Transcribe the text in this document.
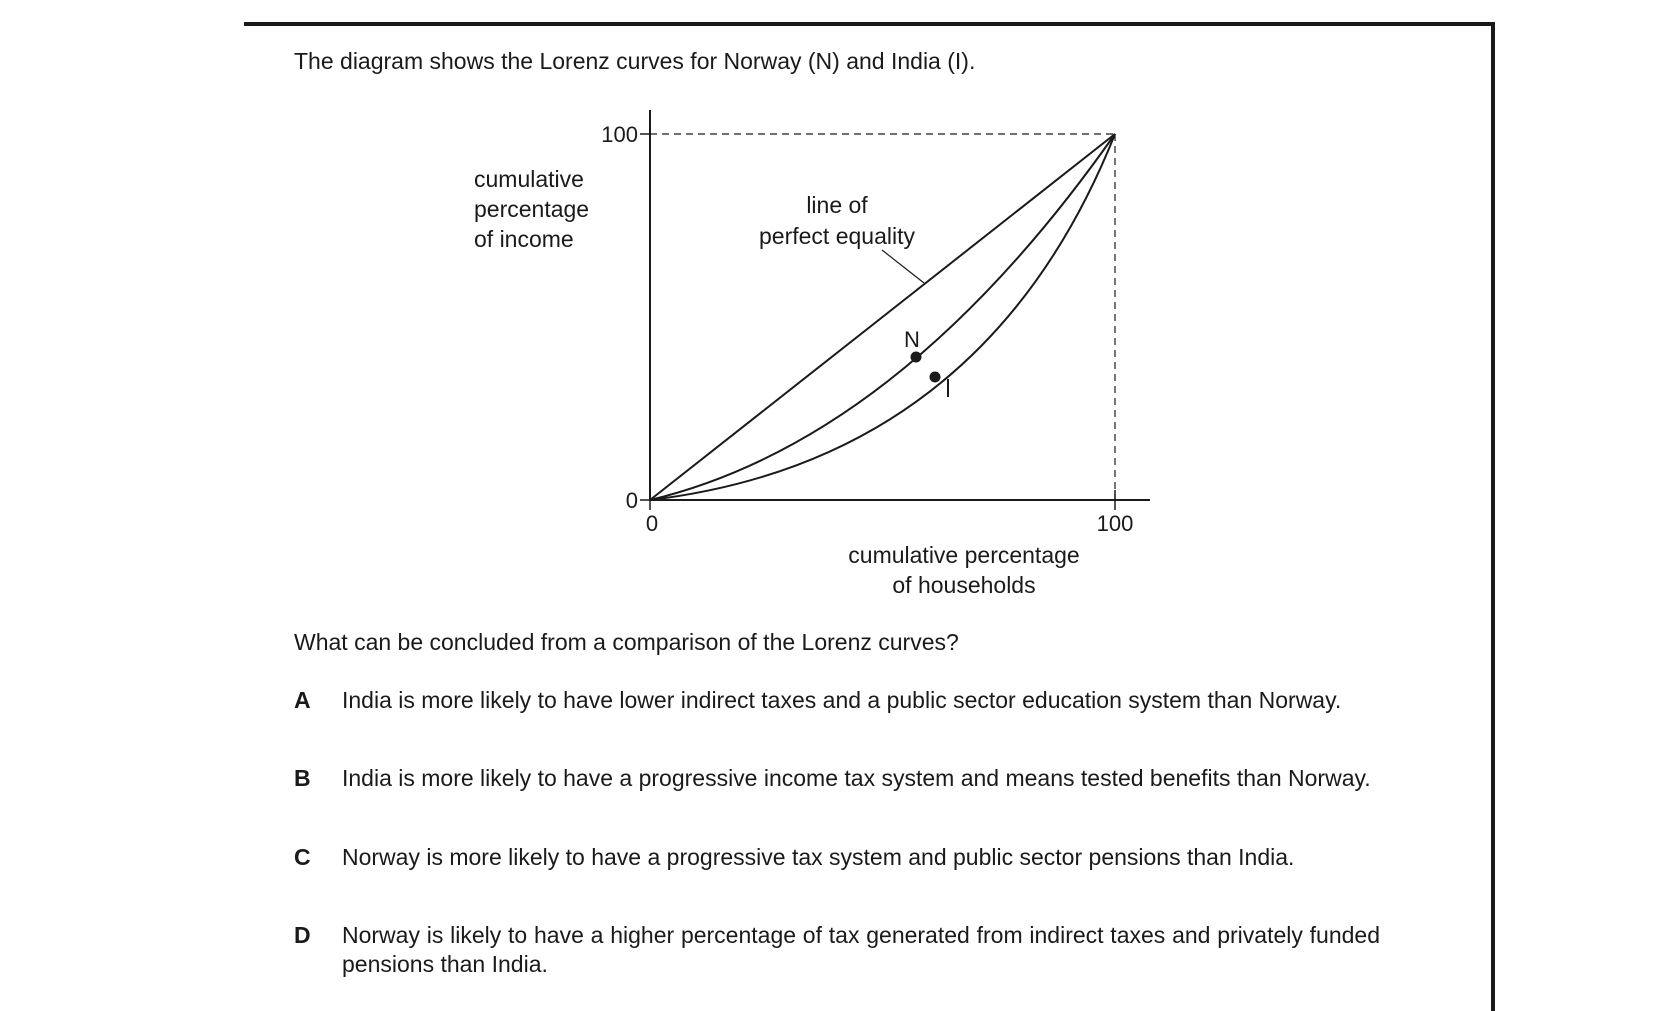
The diagram shows the Lorenz curves for Norway (N) and India (I).
100
0
0	100
cumulative
percentage
of income
cumulative percentage
of households
line of
perfect equality
N
I
What can be concluded from a comparison of the Lorenz curves?
A India is more likely to have lower indirect taxes and a public sector education system than Norway.
B India is more likely to have a progressive income tax system and means tested benefits than Norway.
C Norway is more likely to have a progressive tax system and public sector pensions than India.
D Norway is likely to have a higher percentage of tax generated from indirect taxes and privately funded pensions than India.
